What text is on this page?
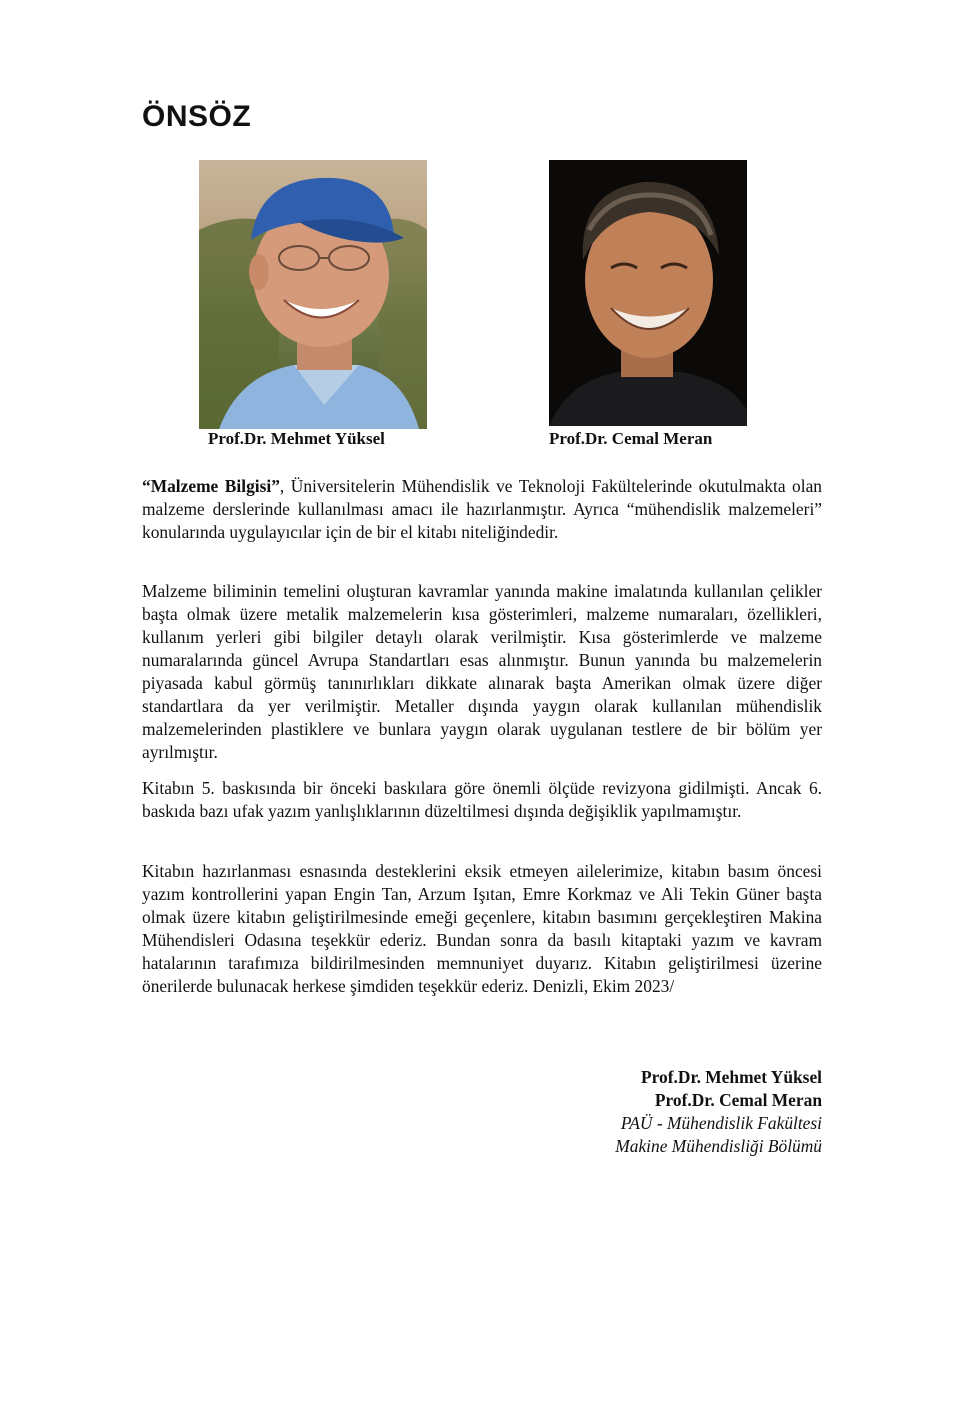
ÖNSÖZ
Prof.Dr. Mehmet Yüksel	Prof.Dr. Cemal Meran

“Malzeme Bilgisi”, Üniversitelerin Mühendislik ve Teknoloji Fakültelerinde okutulmakta olan malzeme derslerinde kullanılması amacı ile hazırlanmıştır. Ayrıca “mühendislik malzemeleri” konularında uygulayıcılar için de bir el kitabı niteliğindedir.

Malzeme biliminin temelini oluşturan kavramlar yanında makine imalatında kullanılan çelikler başta olmak üzere metalik malzemelerin kısa gösterimleri, malzeme numaraları, özellikleri, kullanım yerleri gibi bilgiler detaylı olarak verilmiştir. Kısa gösterimlerde ve malzeme numaralarında güncel Avrupa Standartları esas alınmıştır. Bunun yanında bu malzemelerin piyasada kabul görmüş tanınırlıkları dikkate alınarak başta Amerikan olmak üzere diğer standartlara da yer verilmiştir. Metaller dışında yaygın olarak kullanılan mühendislik malzemelerinden plastiklere ve bunlara yaygın olarak uygulanan testlere de bir bölüm yer ayrılmıştır.

Kitabın 5. baskısında bir önceki baskılara göre önemli ölçüde revizyona gidilmişti. Ancak 6. baskıda bazı ufak yazım yanlışlıklarının düzeltilmesi dışında değişiklik yapılmamıştır.

Kitabın hazırlanması esnasında desteklerini eksik etmeyen ailelerimize, kitabın basım öncesi yazım kontrollerini yapan Engin Tan, Arzum Işıtan, Emre Korkmaz ve Ali Tekin Güner başta olmak üzere kitabın geliştirilmesinde emeği geçenlere, kitabın basımını gerçekleştiren Makina Mühendisleri Odasına teşekkür ederiz. Bundan sonra da basılı kitaptaki yazım ve kavram hatalarının tarafımıza bildirilmesinden memnuniyet duyarız. Kitabın geliştirilmesi üzerine önerilerde bulunacak herkese şimdiden teşekkür ederiz. Denizli, Ekim 2023/

Prof.Dr. Mehmet Yüksel
Prof.Dr. Cemal Meran
PAÜ - Mühendislik Fakültesi
Makine Mühendisliği Bölümü
